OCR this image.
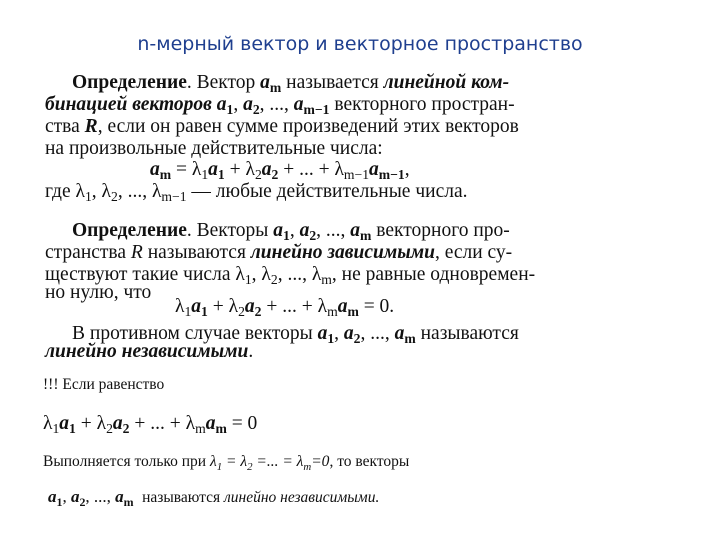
n-мерный вектор и векторное пространство
Определение. Вектор $a_m$ называется линейной ком-
бинацией векторов $a_1$, $a_2$, ..., $a_{m-1}$ векторного простран-
ства R, если он равен сумме произведений этих векторов
на произвольные действительные числа:
$a_m = \lambda_1a_1 + \lambda_2a_2$ + ... + $\lambda_{m-1}a_{m-1}$,
где $\lambda_1$, $\lambda_2$, ..., $\lambda_{m-1}$ — любые действительные числа.
Определение. Векторы $a_1$, $a_2$, ..., $a_m$ векторного про-
странства R называются линейно зависимыми, если су-
ществуют такие числа $\lambda_1$, $\lambda_2$, ..., $\lambda_m$, не равные одновремен-
но нулю, что
$\lambda_1a_1 + \lambda_2a_2$ + ... + $\lambda_ma_m = 0$.
В противном случае векторы $a_1$, $a_2$, ..., $a_m$ называются
линейно независимыми.
!!! Если равенство
$\lambda_1a_1 + \lambda_2a_2$ + ... + $\lambda_ma_m = 0$
Выполняется только при $\lambda_1 = \lambda_2$ =... = $\lambda_m=0$, то векторы
$a_1$, $a_2$, ..., $a_m$ называются линейно независимыми.
